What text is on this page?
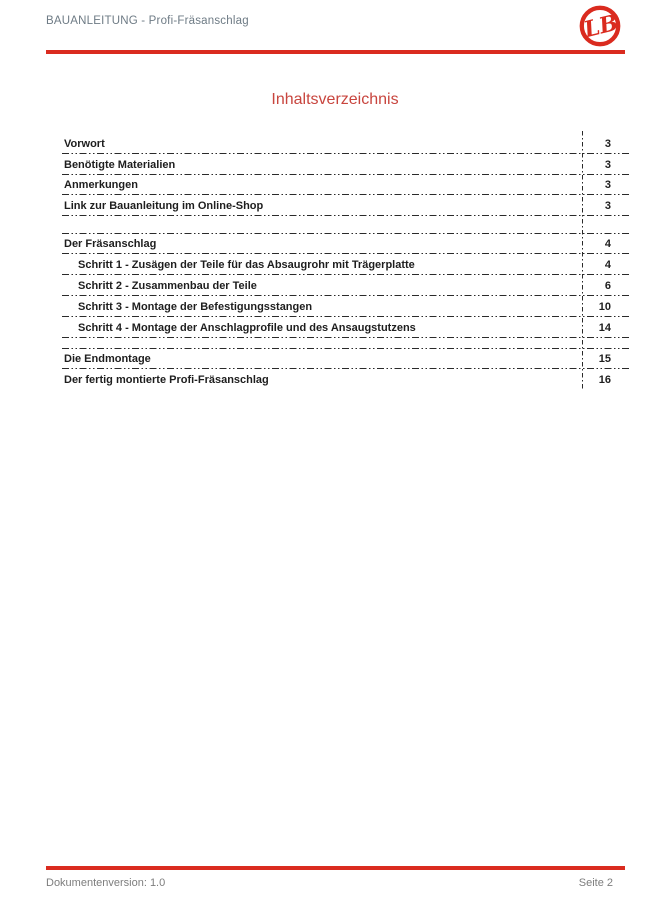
BAUANLEITUNG - Profi-Fräsanschlag	LB
Inhaltsverzeichnis
Vorwort	3
Benötigte Materialien	3
Anmerkungen	3
Link zur Bauanleitung im Online-Shop	3
Der Fräsanschlag	4
Schritt 1 - Zusägen der Teile für das Absaugrohr mit Trägerplatte	4
Schritt 2 - Zusammenbau der Teile	6
Schritt 3 - Montage der Befestigungsstangen	10
Schritt 4 - Montage der Anschlagprofile und des Ansaugstutzens	14
Die Endmontage	15
Der fertig montierte Profi-Fräsanschlag	16
Dokumentenversion: 1.0	Seite 2
